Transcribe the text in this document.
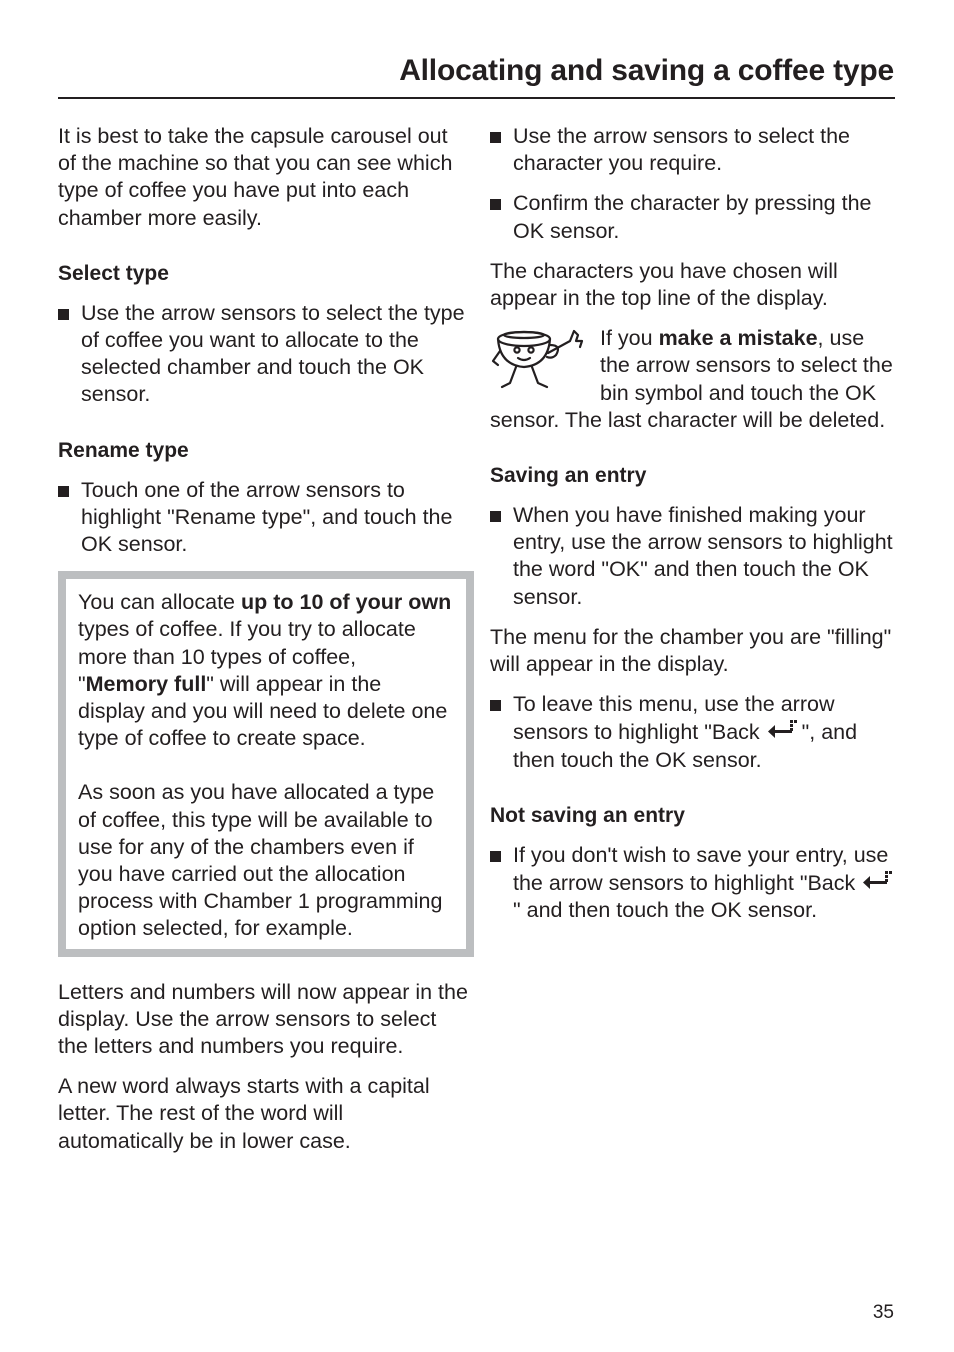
Allocating and saving a coffee type

It is best to take the capsule carousel out of the machine so that you can see which type of coffee you have put into each chamber more easily.

Select type
Use the arrow sensors to select the type of coffee you want to allocate to the selected chamber and touch the OK sensor.
Rename type
Touch one of the arrow sensors to highlight "Rename type", and touch the OK sensor.

You can allocate up to 10 of your own types of coffee. If you try to allocate more than 10 types of coffee, "Memory full" will appear in the display and you will need to delete one type of coffee to create space.

As soon as you have allocated a type of coffee, this type will be available to use for any of the chambers even if you have carried out the allocation process with Chamber 1 programming option selected, for example.

Letters and numbers will now appear in the display. Use the arrow sensors to select the letters and numbers you require.

A new word always starts with a capital letter. The rest of the word will automatically be in lower case.

Use the arrow sensors to select the character you require.
Confirm the character by pressing the OK sensor.

The characters you have chosen will appear in the top line of the display.

If you make a mistake, use the arrow sensors to select the bin symbol and touch the OK sensor. The last character will be deleted.
Saving an entry
When you have finished making your entry, use the arrow sensors to highlight the word "OK" and then touch the OK sensor.

The menu for the chamber you are "filling" will appear in the display.

To leave this menu, use the arrow sensors to highlight "Back ", and then touch the OK sensor.
Not saving an entry
If you don't wish to save your entry, use the arrow sensors to highlight "Back " and then touch the OK sensor.
35
